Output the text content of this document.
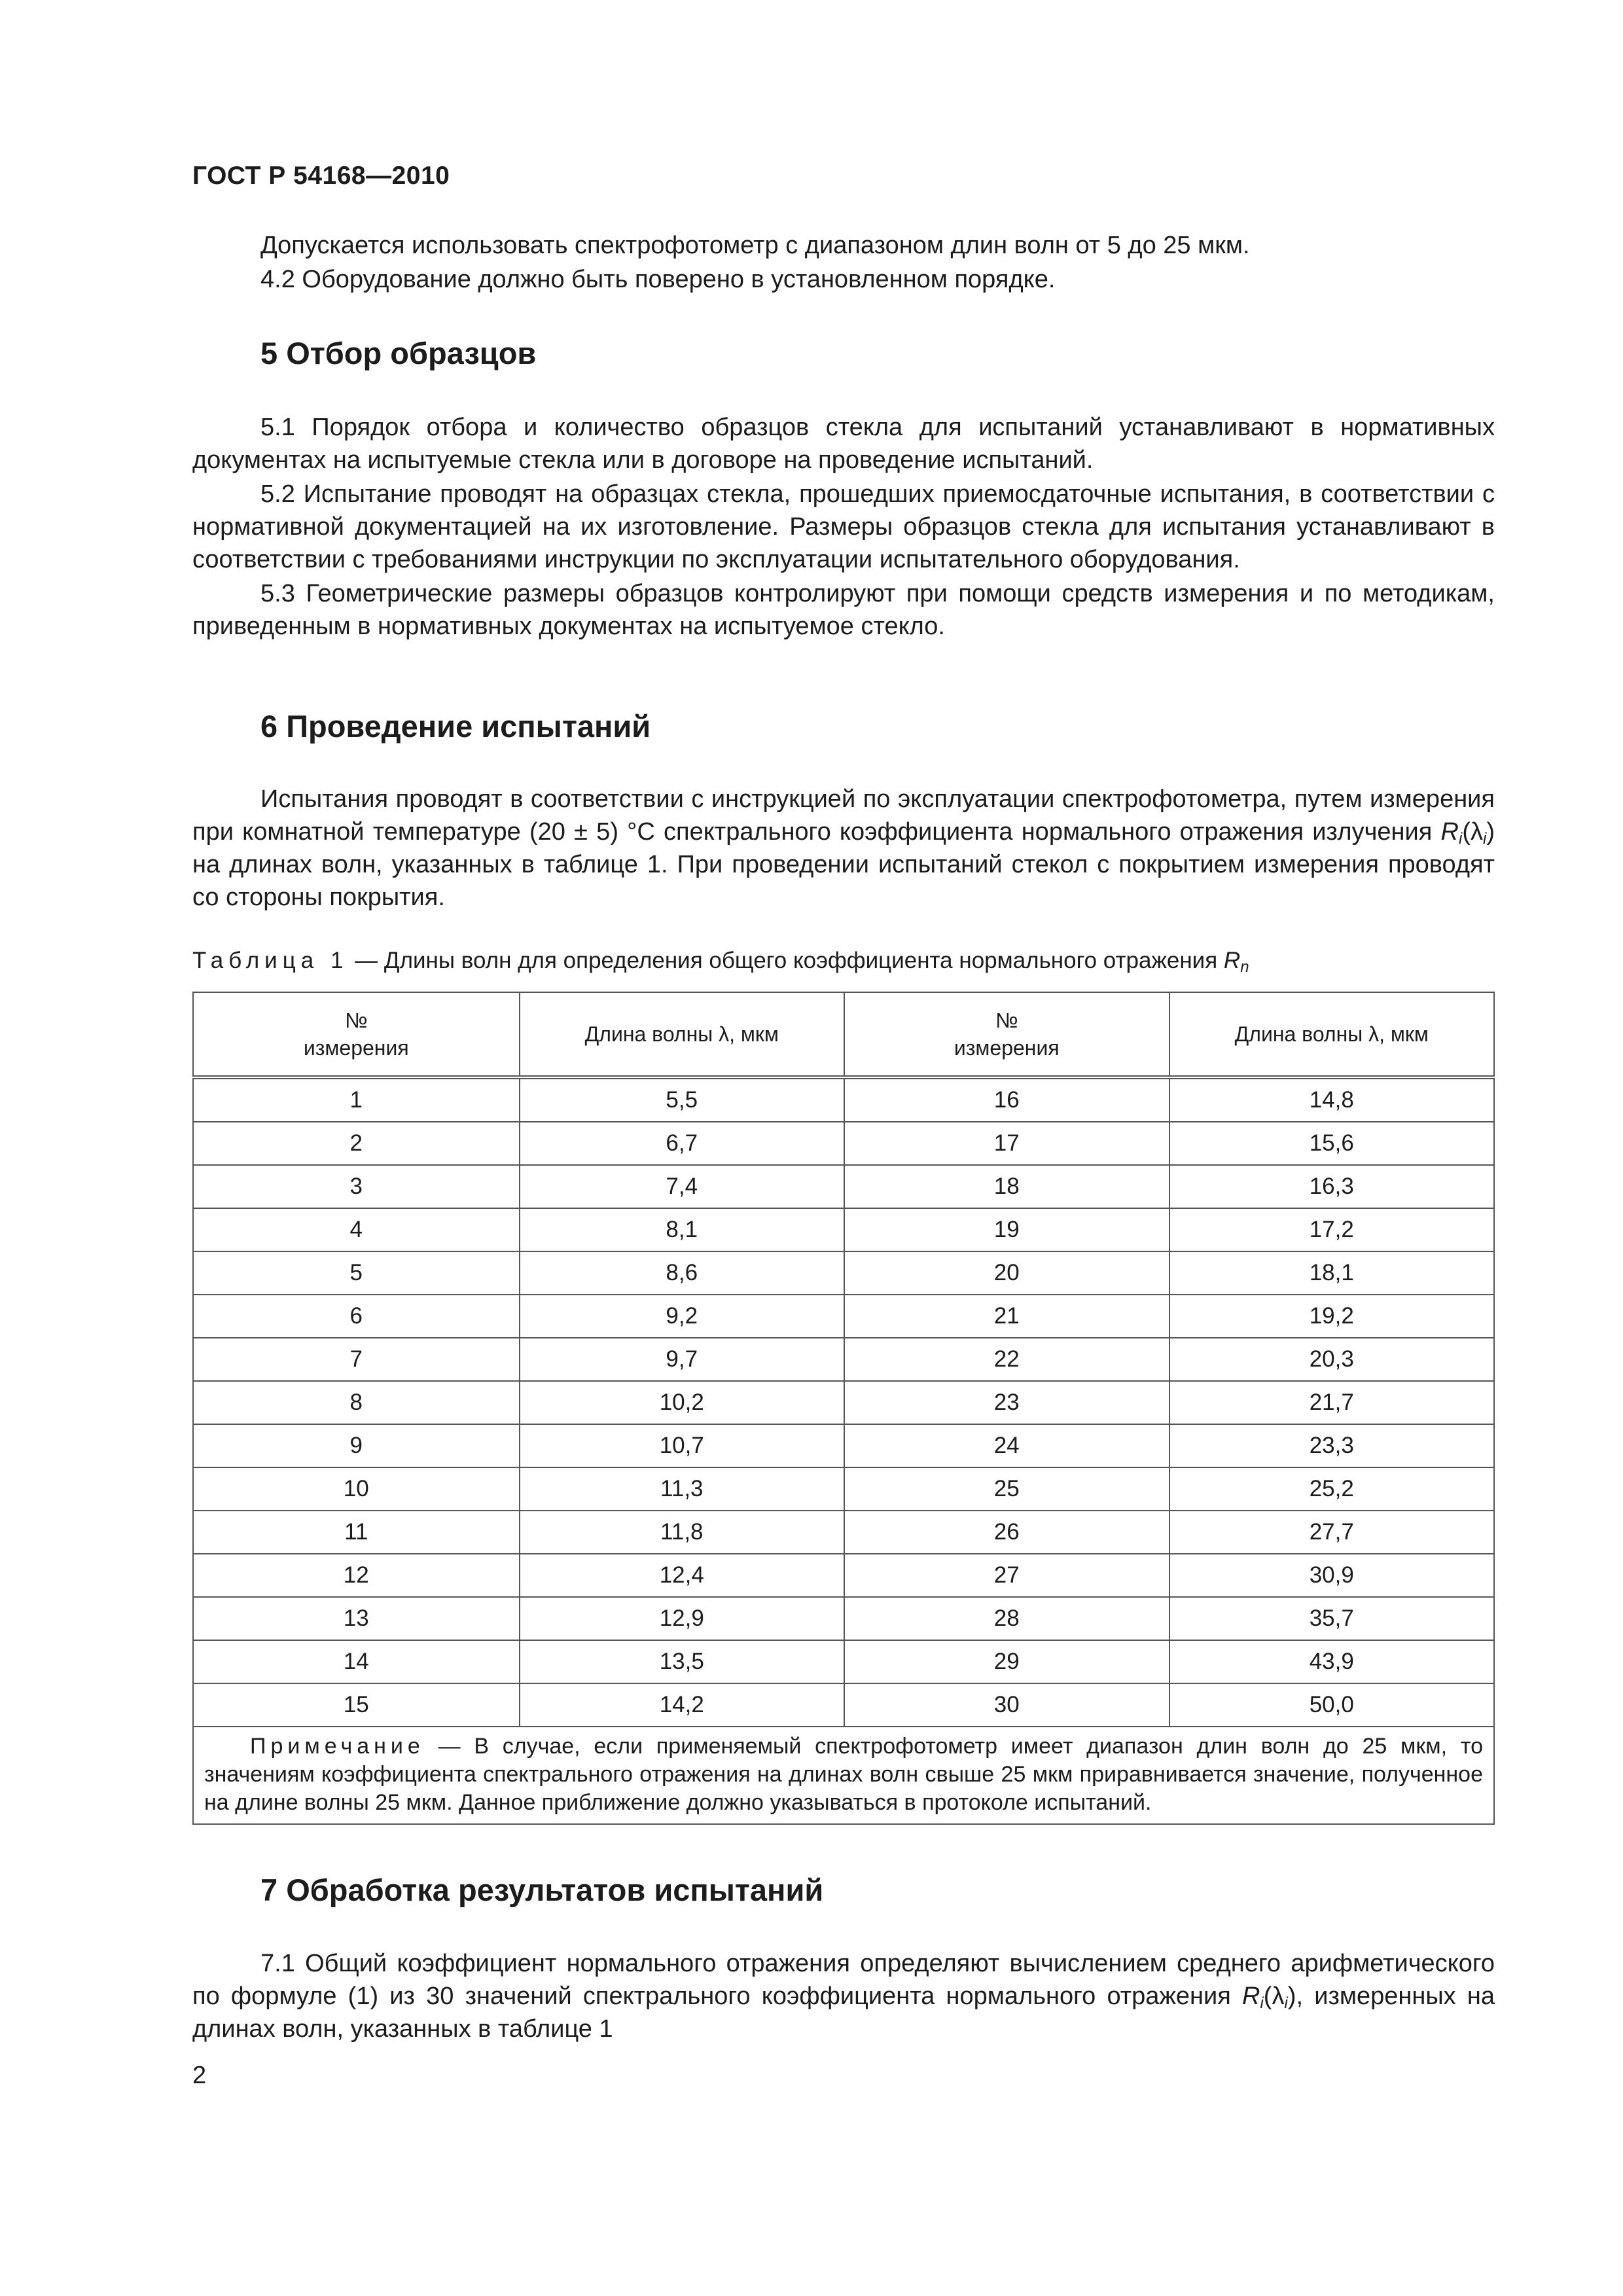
ГОСТ Р 54168—2010

Допускается использовать спектрофотометр с диапазоном длин волн от 5 до 25 мкм.

4.2 Оборудование должно быть поверено в установленном порядке.

5 Отбор образцов

5.1 Порядок отбора и количество образцов стекла для испытаний устанавливают в нормативных документах на испытуемые стекла или в договоре на проведение испытаний.

5.2 Испытание проводят на образцах стекла, прошедших приемосдаточные испытания, в соответствии с нормативной документацией на их изготовление. Размеры образцов стекла для испытания устанавливают в соответствии с требованиями инструкции по эксплуатации испытательного оборудования.

5.3 Геометрические размеры образцов контролируют при помощи средств измерения и по методикам, приведенным в нормативных документах на испытуемое стекло.

6 Проведение испытаний

Испытания проводят в соответствии с инструкцией по эксплуатации спектрофотометра, путем измерения при комнатной температуре (20 ± 5) °С спектрального коэффициента нормального отражения излучения $R_i(\lambda_i)$ на длинах волн, указанных в таблице 1. При проведении испытаний стекол с покрытием измерения проводят со стороны покрытия.

Таблица 1 — Длины волн для определения общего коэффициента нормального отражения $R_n$
№
измерения	Длина волны λ, мкм	№
измерения	Длина волны λ, мкм
1	5,5	16	14,8
2	6,7	17	15,6
3	7,4	18	16,3
4	8,1	19	17,2
5	8,6	20	18,1
6	9,2	21	19,2
7	9,7	22	20,3
8	10,2	23	21,7
9	10,7	24	23,3
10	11,3	25	25,2
11	11,8	26	27,7
12	12,4	27	30,9
13	12,9	28	35,7
14	13,5	29	43,9
15	14,2	30	50,0
Примечание — В случае, если применяемый спектрофотометр имеет диапазон длин волн до 25 мкм, то значениям коэффициента спектрального отражения на длинах волн свыше 25 мкм приравнивается значение, полученное на длине волны 25 мкм. Данное приближение должно указываться в протоколе испытаний.			
7 Обработка результатов испытаний

7.1 Общий коэффициент нормального отражения определяют вычислением среднего арифметического по формуле (1) из 30 значений спектрального коэффициента нормального отражения $R_i(\lambda_i)$, измеренных на длинах волн, указанных в таблице 1

2
